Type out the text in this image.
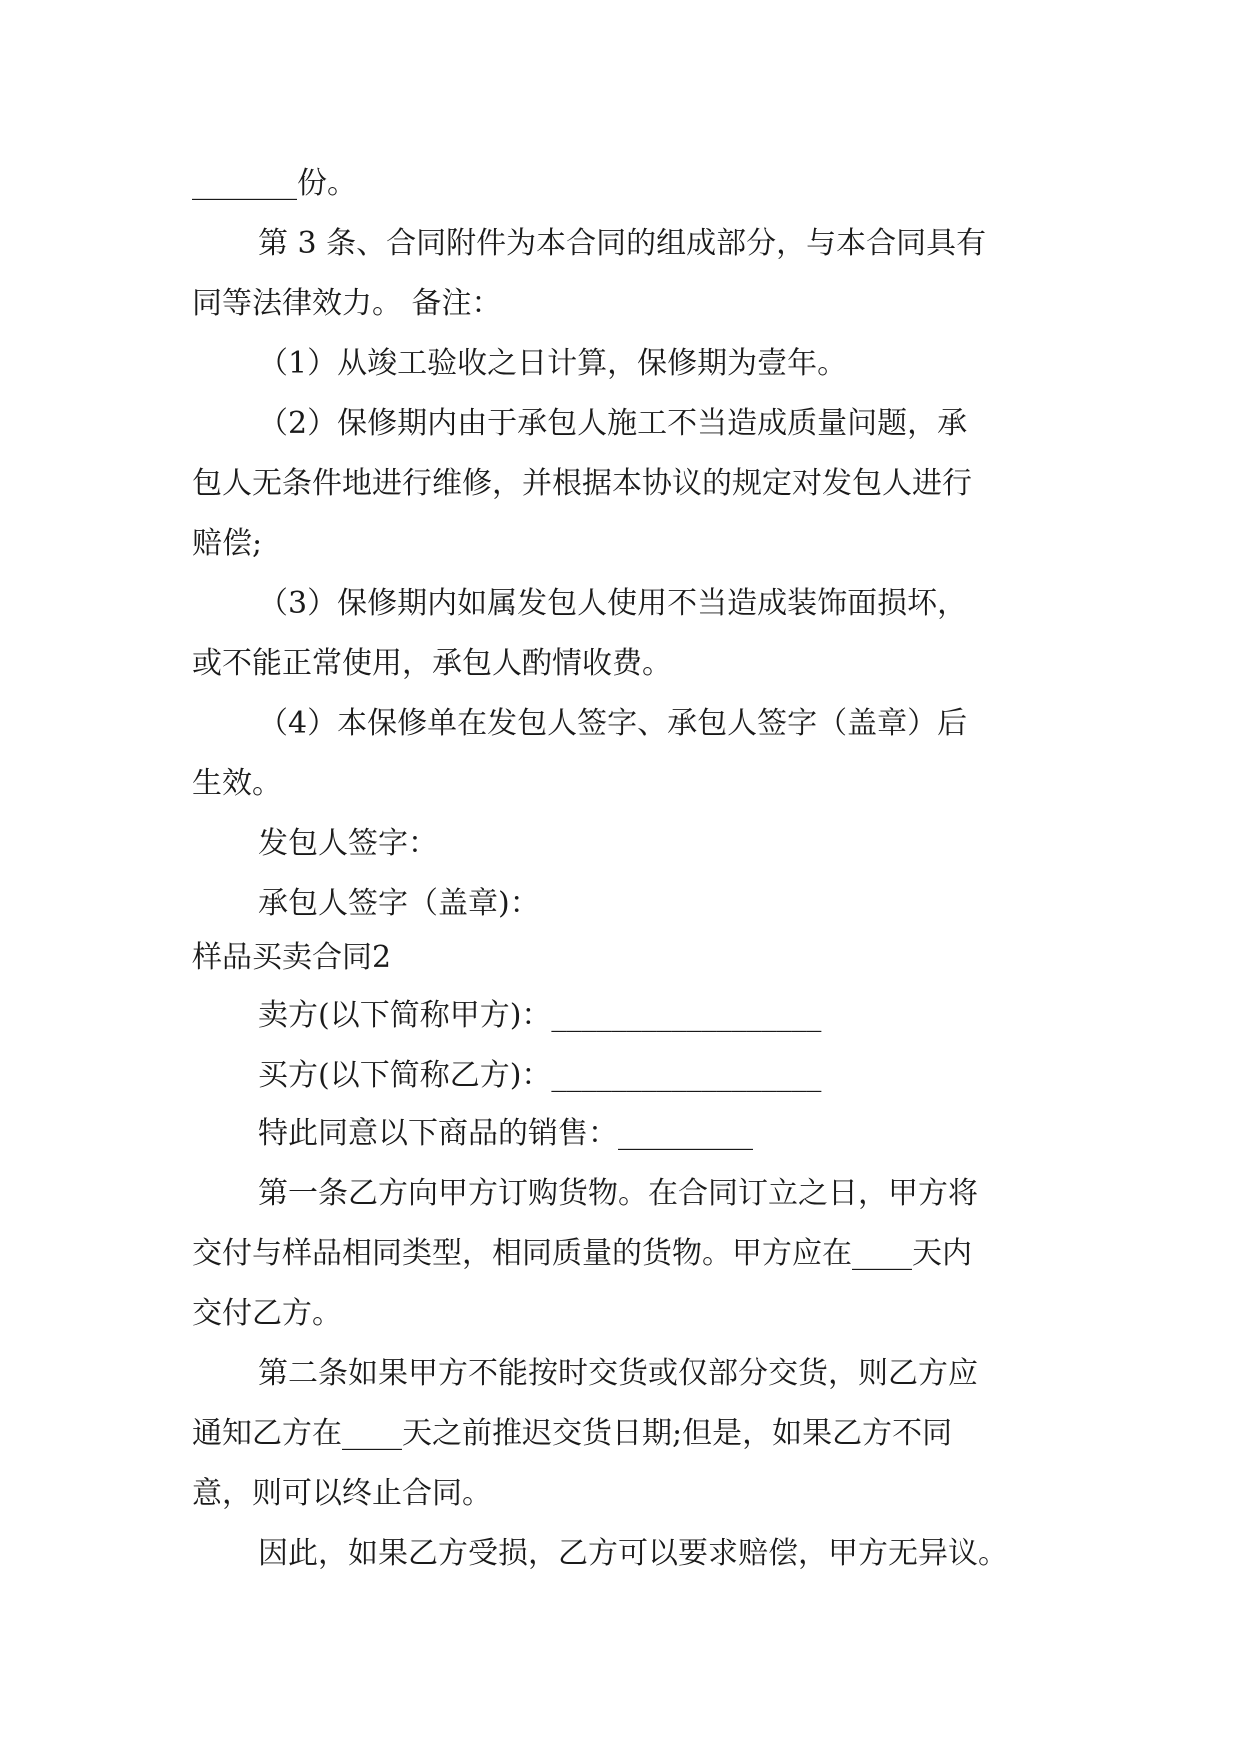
_______份。
第 3 条、合同附件为本合同的组成部分，与本合同具有
同等法律效力。 备注：
（1）从竣工验收之日计算，保修期为壹年。
（2）保修期内由于承包人施工不当造成质量问题，承
包人无条件地进行维修，并根据本协议的规定对发包人进行
赔偿;
（3）保修期内如属发包人使用不当造成装饰面损坏，
或不能正常使用，承包人酌情收费。
（4）本保修单在发包人签字、承包人签字（盖章）后
生效。
发包人签字：
承包人签字（盖章)：
样品买卖合同2
卖方(以下简称甲方)：__________________
买方(以下简称乙方)：__________________
特此同意以下商品的销售：_________
第一条乙方向甲方订购货物。在合同订立之日，甲方将
交付与样品相同类型，相同质量的货物。甲方应在____天内
交付乙方。
第二条如果甲方不能按时交货或仅部分交货，则乙方应
通知乙方在____天之前推迟交货日期;但是，如果乙方不同
意，则可以终止合同。
因此，如果乙方受损，乙方可以要求赔偿，甲方无异议。
